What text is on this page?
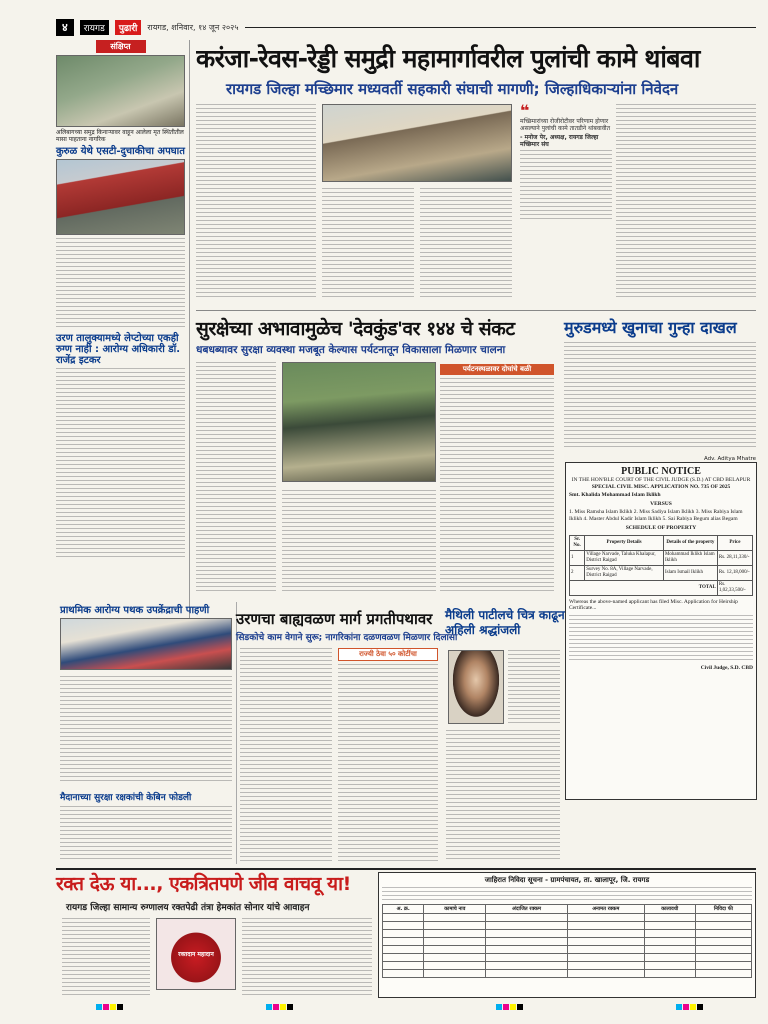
४	रायगड	पुढारी	रायगड, शनिवार, १४ जून २०२५
संक्षिप्त
अलिबागच्या समुद्र किनाऱ्यावर वाहून आलेला मृत स्थितीतील मासा पाहताना नागरिक
कुरुळ येथे एसटी-दुचाकीचा अपघात
उरण तालुक्यामध्ये लेप्टोच्या एकही रुग्ण नाही : आरोग्य अधिकारी डॉ. राजेंद्र इटकर
करंजा-रेवस-रेड्डी समुद्री महामार्गावरील पुलांची कामे थांबवा
रायगड जिल्हा मच्छिमार मध्यवर्ती सहकारी संघाची मागणी; जिल्हाधिकाऱ्यांना निवेदन
❝
मच्छिमारांच्या रोजीरोटीवर परिणाम होणार असल्याने पुलांची कामे तातडीने थांबवावीत
- मनोज पेर, अध्यक्ष, रायगड जिल्हा मच्छिमार संघ
सुरक्षेच्या अभावामुळेच 'देवकुंड'वर १४४ चे संकट
धबधब्यावर सुरक्षा व्यवस्था मजबूत केल्यास पर्यटनातून विकासाला मिळणार चालना
पर्यटनस्थळावर दोघांचे बळी
मुरुडमध्ये खुनाचा गुन्हा दाखल
Adv. Aditya Mhatre
PUBLIC NOTICE
IN THE HON'BLE COURT OF THE CIVIL JUDGE (S.D.) AT CBD BELAPUR
SPECIAL CIVIL MISC. APPLICATION NO. 735 OF 2025
Smt. Khalida Mohammad Islam Iklikh
VERSUS
1. Miss Ramsha Islam Iklikh 2. Miss Sadiya Islam Iklikh 3. Miss Rabiya Islam Iklikh 4. Master Abdul Kadir Islam Iklikh 5. Sai Rabiya Begum alias Begam
SCHEDULE OF PROPERTY
Sr. No.	Property Details	Details of the property	Price
1	Village Narvade, Taluka Khalapur, District Raigad	Mohammad Iklikh Islam Iklikh	Rs. 28,11,330/-
2	Survey No. 8A, Village Narvade, District Raigad	Islam Ismail Iklikh	Rs. 12,18,000/-
TOTAL			Rs. 1,02,33,500/-
Whereas the above-named applicant has filed Misc. Application for Heirship Certificate...
Civil Judge, S.D. CBD
प्राथमिक आरोग्य पथक उपक्रेंद्राची पाहणी
मैदानाच्या सुरक्षा रक्षकांची केबिन फोडली
उरणचा बाह्यवळण मार्ग प्रगतीपथावर
सिडकोचे काम वेगाने सुरू; नागरिकांना दळणवळण मिळणार दिलासा
राज्यी ठेवा ५० कोटींचा
मैथिली पाटीलचे चित्र काढून अहिली श्रद्धांजली
रक्त देऊ या..., एकत्रितपणे जीव वाचवू या!
रायगड जिल्हा सामान्य रुग्णालय रक्तपेढी तंत्रा हेमकांत सोनार यांचे आवाहन
रक्तदान महादान
जाहिरात निविदा सूचना - ग्रामपंचायत, ता. खालापूर, जि. रायगड
अ. क्र.	कामाचे नाव	अंदाजित रक्कम	अनामत रक्कम	कालावधी	निविदा फी
